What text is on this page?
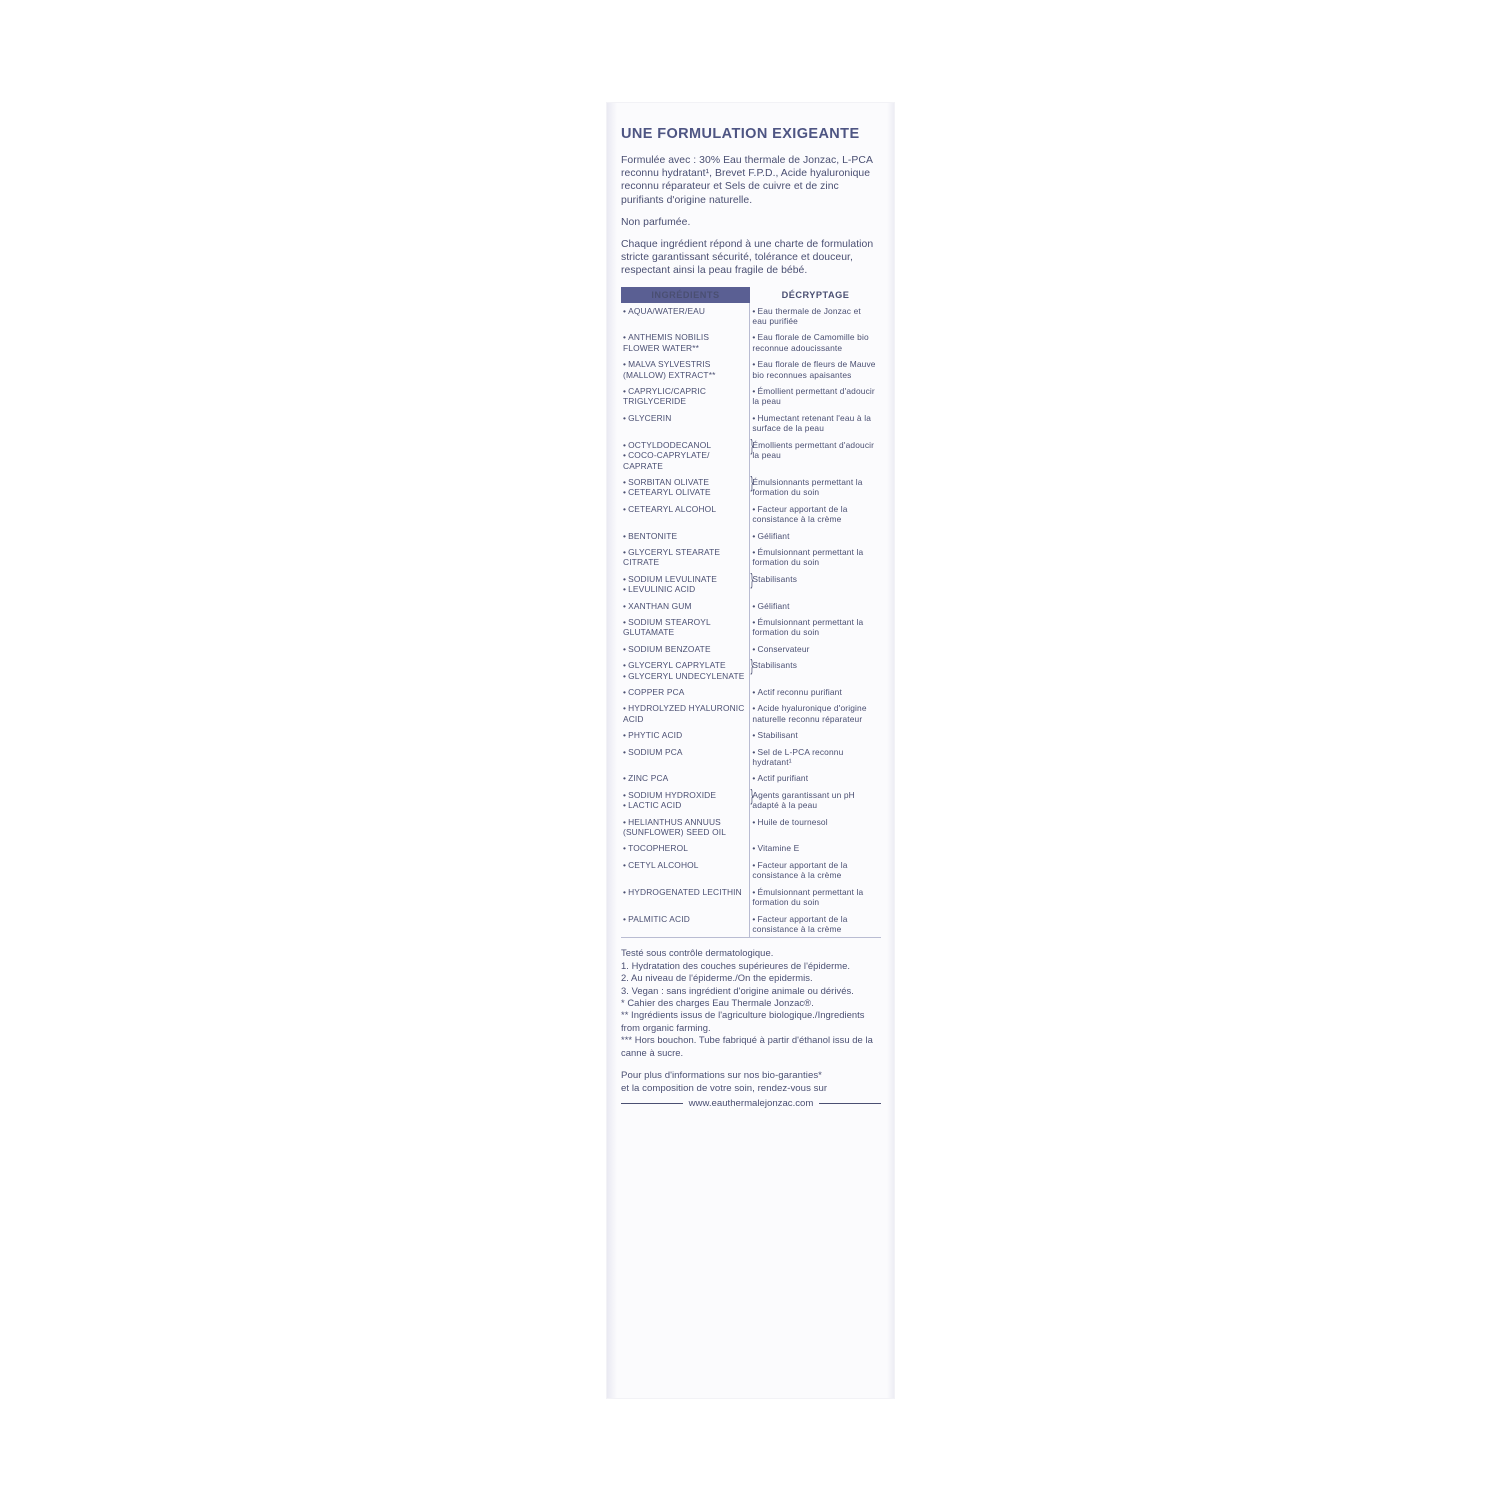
UNE FORMULATION EXIGEANTE

Formulée avec : 30% Eau thermale de Jonzac, L-PCA reconnu hydratant¹, Brevet F.P.D., Acide hyaluronique reconnu réparateur et Sels de cuivre et de zinc purifiants d'origine naturelle.

Non parfumée.

Chaque ingrédient répond à une charte de formulation stricte garantissant sécurité, tolérance et douceur, respectant ainsi la peau fragile de bébé.

INGRÉDIENTS	DÉCRYPTAGE

• AQUA/WATER/EAU	• Eau thermale de Jonzac et eau purifiée

• ANTHEMIS NOBILIS FLOWER WATER**	• Eau florale de Camomille bio reconnue adoucissante

• MALVA SYLVESTRIS (MALLOW) EXTRACT**	• Eau florale de fleurs de Mauve bio reconnues apaisantes

• CAPRYLIC/CAPRIC TRIGLYCERIDE	• Émollient permettant d'adoucir la peau

• GLYCERIN	• Humectant retenant l'eau à la surface de la peau

• OCTYLDODECANOL
• COCO-CAPRYLATE/ CAPRATE
}	Émollients permettant d'adoucir la peau

• SORBITAN OLIVATE
• CETEARYL OLIVATE
}	Émulsionnants permettant la formation du soin

• CETEARYL ALCOHOL	• Facteur apportant de la consistance à la crème

• BENTONITE	• Gélifiant

• GLYCERYL STEARATE CITRATE	• Émulsionnant permettant la formation du soin

• SODIUM LEVULINATE
• LEVULINIC ACID
}	Stabilisants

• XANTHAN GUM	• Gélifiant

• SODIUM STEAROYL GLUTAMATE	• Émulsionnant permettant la formation du soin

• SODIUM BENZOATE	• Conservateur

• GLYCERYL CAPRYLATE
• GLYCERYL UNDECYLENATE
}	Stabilisants

• COPPER PCA	• Actif reconnu purifiant

• HYDROLYZED HYALURONIC ACID	• Acide hyaluronique d'origine naturelle reconnu réparateur

• PHYTIC ACID	• Stabilisant

• SODIUM PCA	• Sel de L-PCA reconnu hydratant¹

• ZINC PCA	• Actif purifiant

• SODIUM HYDROXIDE
• LACTIC ACID
}	Agents garantissant un pH adapté à la peau

• HELIANTHUS ANNUUS (SUNFLOWER) SEED OIL	• Huile de tournesol

• TOCOPHEROL	• Vitamine E

• CETYL ALCOHOL	• Facteur apportant de la consistance à la crème

• HYDROGENATED LECITHIN	• Émulsionnant permettant la formation du soin

• PALMITIC ACID	• Facteur apportant de la consistance à la crème

Testé sous contrôle dermatologique.
1. Hydratation des couches supérieures de l'épiderme.
2. Au niveau de l'épiderme./On the epidermis.
3. Vegan : sans ingrédient d'origine animale ou dérivés.
* Cahier des charges Eau Thermale Jonzac®.
** Ingrédients issus de l'agriculture biologique./Ingredients from organic farming.
*** Hors bouchon. Tube fabriqué à partir d'éthanol issu de la canne à sucre.

Pour plus d'informations sur nos bio-garanties*
et la composition de votre soin, rendez-vous sur

www.eauthermalejonzac.com
